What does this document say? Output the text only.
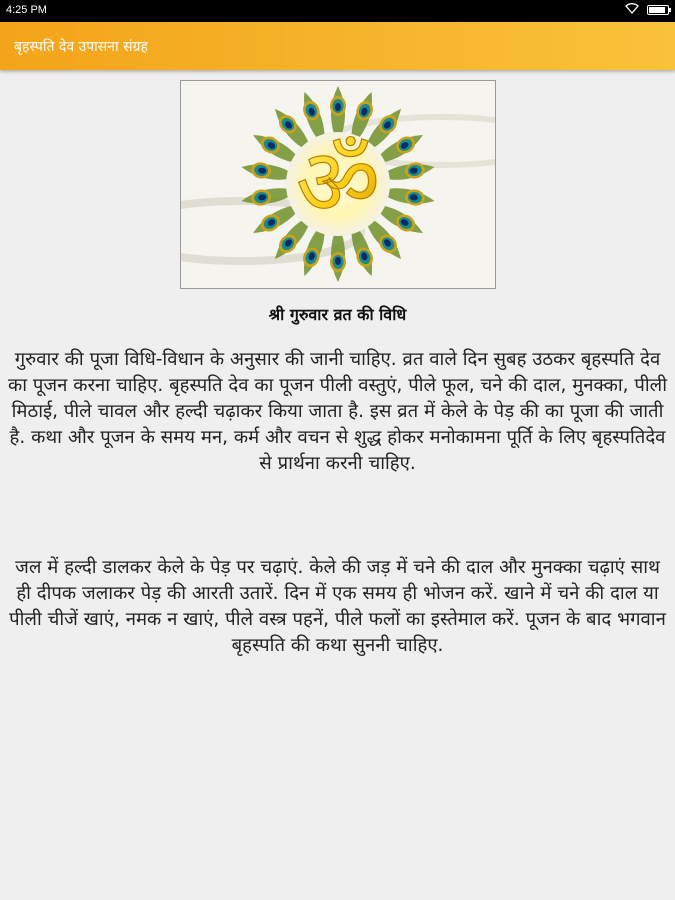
4:25 PM
बृहस्पति देव उपासना संग्रह
ॐ
श्री गुरुवार व्रत की विधि

गुरुवार की पूजा विधि-विधान के अनुसार की जानी चाहिए. व्रत वाले दिन सुबह उठकर बृहस्पति देव का पूजन करना चाहिए. बृहस्पति देव का पूजन पीली वस्तुएं, पीले फूल, चने की दाल, मुनक्का, पीली मिठाई, पीले चावल और हल्दी चढ़ाकर किया जाता है. इस व्रत में केले के पेड़ की का पूजा की जाती है. कथा और पूजन के समय मन, कर्म और वचन से शुद्ध होकर मनोकामना पूर्ति के लिए बृहस्पतिदेव से प्रार्थना करनी चाहिए.

जल में हल्दी डालकर केले के पेड़ पर चढ़ाएं. केले की जड़ में चने की दाल और मुनक्का चढ़ाएं साथ ही दीपक जलाकर पेड़ की आरती उतारें. दिन में एक समय ही भोजन करें. खाने में चने की दाल या पीली चीजें खाएं, नमक न खाएं, पीले वस्त्र पहनें, पीले फलों का इस्तेमाल करें. पूजन के बाद भगवान बृहस्पति की कथा सुननी चाहिए.
